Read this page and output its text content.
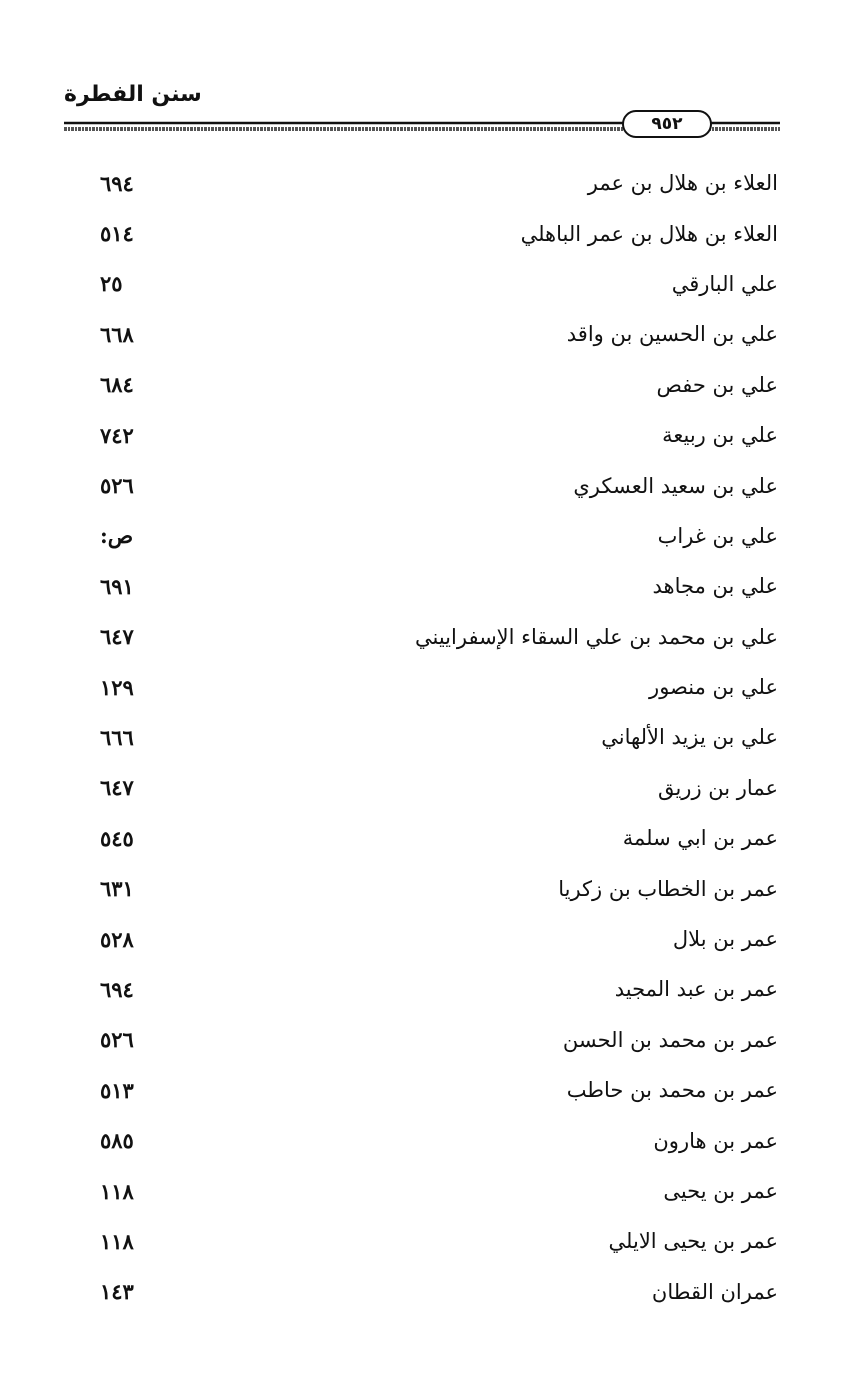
سنن الفطرة
٩٥٢
العلاء بن هلال بن عمر
٦٩٤
العلاء بن هلال بن عمر الباهلي
٥١٤
علي البارقي
٢٥
علي بن الحسين بن واقد
٦٦٨
علي بن حفص
٦٨٤
علي بن ربيعة
٧٤٢
علي بن سعيد العسكري
٥٢٦
علي بن غراب
ص:
علي بن مجاهد
٦٩١
علي بن محمد بن علي السقاء الإسفراييني
٦٤٧
علي بن منصور
١٢٩
علي بن يزيد الألهاني
٦٦٦
عمار بن زريق
٦٤٧
عمر بن ابي سلمة
٥٤٥
عمر بن الخطاب بن زكريا
٦٣١
عمر بن بلال
٥٢٨
عمر بن عبد المجيد
٦٩٤
عمر بن محمد بن الحسن
٥٢٦
عمر بن محمد بن حاطب
٥١٣
عمر بن هارون
٥٨٥
عمر بن يحيى
١١٨
عمر بن يحيى الايلي
١١٨
عمران القطان
١٤٣
